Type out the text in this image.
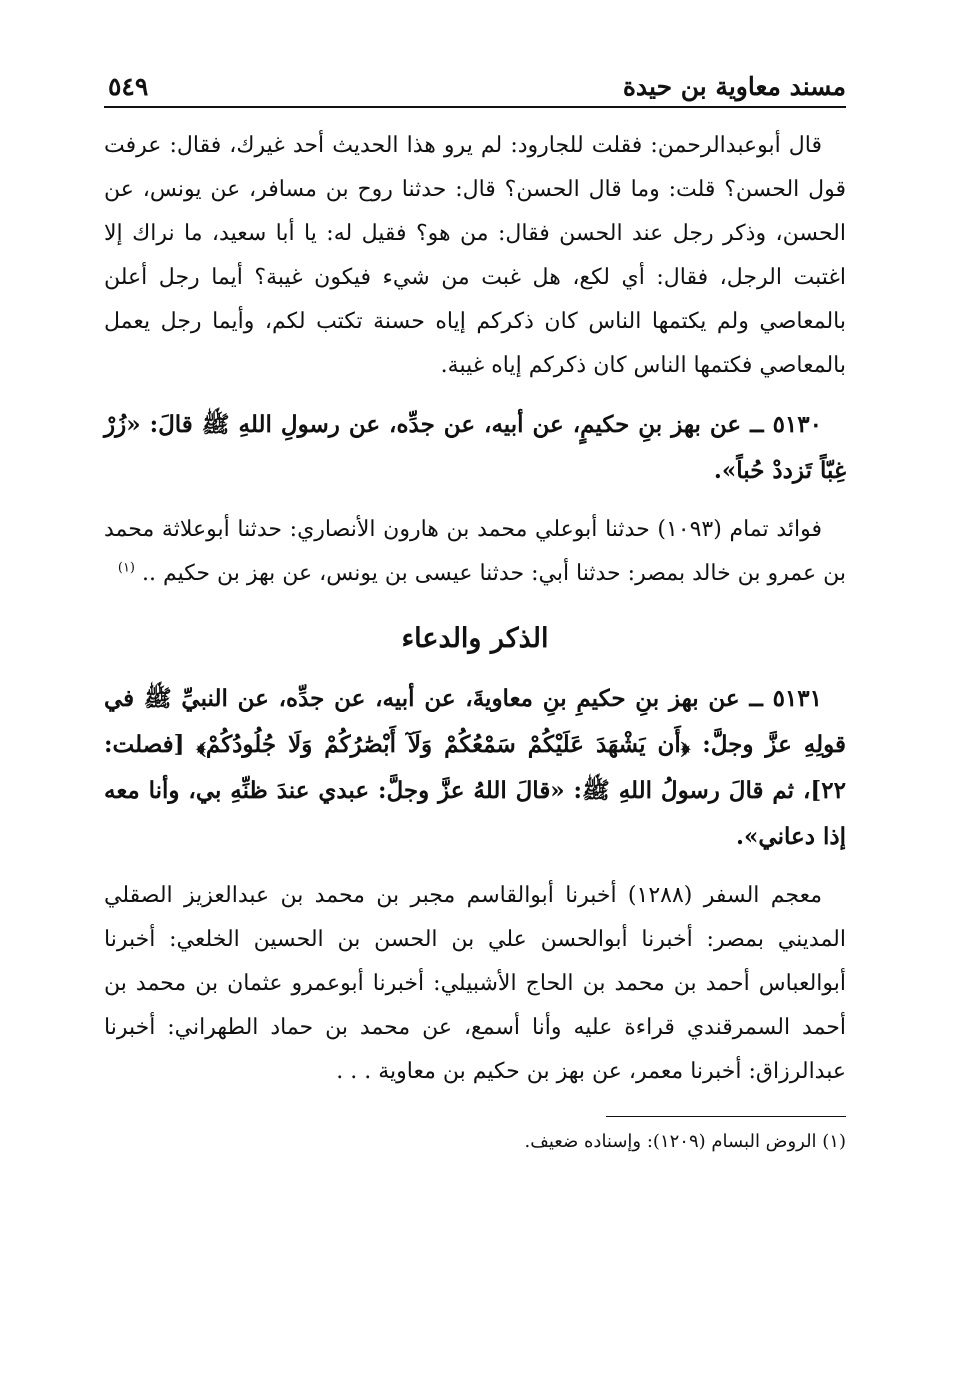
مسند معاوية بن حيدة
٥٤٩

قال أبوعبدالرحمن: فقلت للجارود: لم يرو هذا الحديث أحد غيرك، فقال: عرفت قول الحسن؟ قلت: وما قال الحسن؟ قال: حدثنا روح بن مسافر، عن يونس، عن الحسن، وذكر رجل عند الحسن فقال: من هو؟ فقيل له: يا أبا سعيد، ما نراك إلا اغتبت الرجل، فقال: أي لكع، هل غبت من شيء فيكون غيبة؟ أيما رجل أعلن بالمعاصي ولم يكتمها الناس كان ذكركم إياه حسنة تكتب لكم، وأيما رجل يعمل بالمعاصي فكتمها الناس كان ذكركم إياه غيبة.

٥١٣٠ ــ عن بهز بنِ حكيمٍ، عن أبيه، عن جدِّه، عن رسولِ اللهِ ﷺ قالَ: «زُرْ غِبّاً تَزددْ حُباً».

فوائد تمام (١٠٩٣) حدثنا أبوعلي محمد بن هارون الأنصاري: حدثنا أبوعلاثة محمد بن عمرو بن خالد بمصر: حدثنا أبي: حدثنا عيسى بن يونس، عن بهز بن حكيم .. $^{(١)}$

الذكر والدعاء

٥١٣١ ــ عن بهز بنِ حكيمِ بنِ معاويةَ، عن أبيه، عن جدِّه، عن النبيِّ ﷺ في قولِهِ عزَّ وجلَّ: ﴿أَن يَشْهَدَ عَلَيْكُمْ سَمْعُكُمْ وَلَآ أَبْصَٰرُكُمْ وَلَا جُلُودُكُمْ﴾ [فصلت: ٢٢]، ثم قالَ رسولُ اللهِ ﷺ: «قالَ اللهُ عزَّ وجلَّ: عبدي عندَ ظنِّهِ بي، وأنا معه إذا دعاني».

معجم السفر (١٢٨٨) أخبرنا أبوالقاسم مجبر بن محمد بن عبدالعزيز الصقلي المديني بمصر: أخبرنا أبوالحسن علي بن الحسن بن الحسين الخلعي: أخبرنا أبوالعباس أحمد بن محمد بن الحاج الأشبيلي: أخبرنا أبوعمرو عثمان بن محمد بن أحمد السمرقندي قراءة عليه وأنا أسمع، عن محمد بن حماد الطهراني: أخبرنا عبدالرزاق: أخبرنا معمر، عن بهز بن حكيم بن معاوية . . .

(١) الروض البسام (١٢٠٩): وإسناده ضعيف.
